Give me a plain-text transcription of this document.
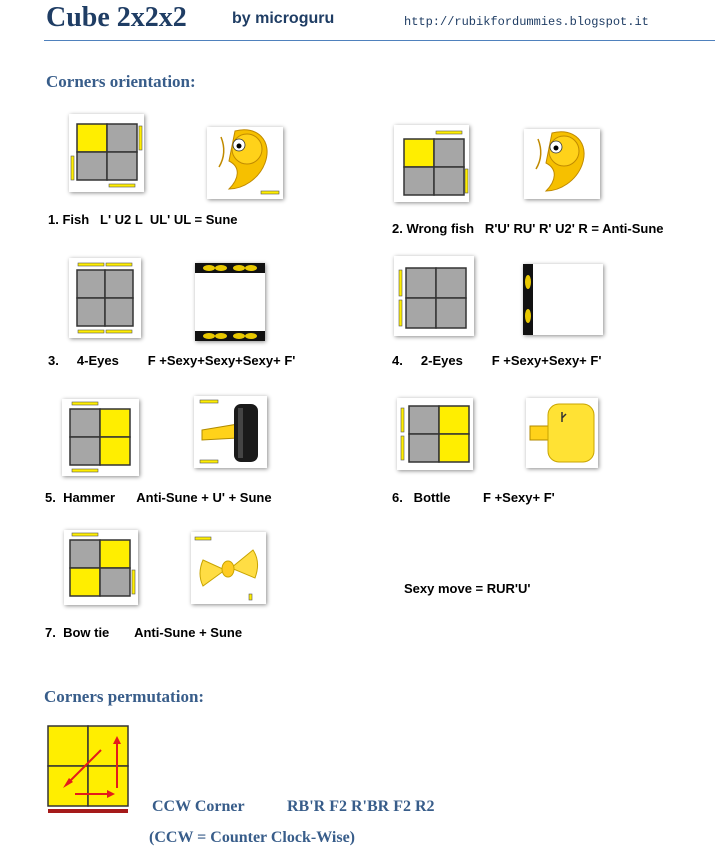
Cube 2x2x2	by microguru	http://rubikfordummies.blogspot.it
Corners orientation:
1. Fish   L' U2 L  UL' UL = Sune
2. Wrong fish   R'U' RU' R' U2' R = Anti-Sune
3.     4-Eyes        F +Sexy+Sexy+Sexy+ F'	4.     2-Eyes        F +Sexy+Sexy+ F'
5.  Hammer      Anti-Sune + U' + Sune	6.   Bottle         F +Sexy+ F'
7.  Bow tie       Anti-Sune + Sune
Sexy move = RUR'U'
Corners permutation:
CCW Corner	RB'R F2 R'BR F2 R2
(CCW = Counter Clock-Wise)
